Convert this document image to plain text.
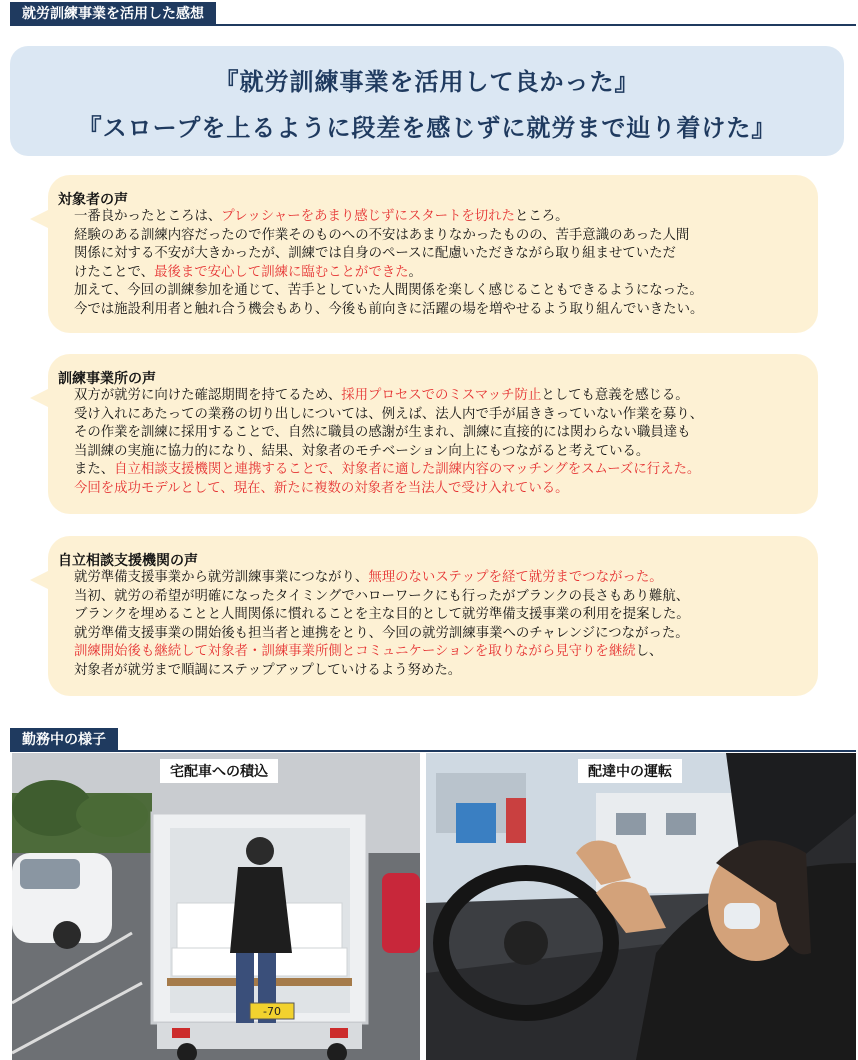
就労訓練事業を活用した感想
『就労訓練事業を活用して良かった』
『スロープを上るように段差を感じずに就労まで辿り着けた』
対象者の声
一番良かったところは、プレッシャーをあまり感じずにスタートを切れたところ。
経験のある訓練内容だったので作業そのものへの不安はあまりなかったものの、苦手意識のあった人間
関係に対する不安が大きかったが、訓練では自身のペースに配慮いただきながら取り組ませていただ
けたことで、最後まで安心して訓練に臨むことができた。
加えて、今回の訓練参加を通じて、苦手としていた人間関係を楽しく感じることもできるようになった。
今では施設利用者と触れ合う機会もあり、今後も前向きに活躍の場を増やせるよう取り組んでいきたい。
訓練事業所の声
双方が就労に向けた確認期間を持てるため、採用プロセスでのミスマッチ防止としても意義を感じる。
受け入れにあたっての業務の切り出しについては、例えば、法人内で手が届ききっていない作業を募り、
その作業を訓練に採用することで、自然に職員の感謝が生まれ、訓練に直接的には関わらない職員達も
当訓練の実施に協力的になり、結果、対象者のモチベーション向上にもつながると考えている。
また、自立相談支援機関と連携することで、対象者に適した訓練内容のマッチングをスムーズに行えた。
今回を成功モデルとして、現在、新たに複数の対象者を当法人で受け入れている。
自立相談支援機関の声
就労準備支援事業から就労訓練事業につながり、無理のないステップを経て就労までつながった。
当初、就労の希望が明確になったタイミングでハローワークにも行ったがブランクの長さもあり難航、
ブランクを埋めることと人間関係に慣れることを主な目的として就労準備支援事業の利用を提案した。
就労準備支援事業の開始後も担当者と連携をとり、今回の就労訓練事業へのチャレンジにつながった。
訓練開始後も継続して対象者・訓練事業所側とコミュニケーションを取りながら見守りを継続し、
対象者が就労まで順調にステップアップしていけるよう努めた。
勤務中の様子
-70
宅配車への積込	配達中の運転
